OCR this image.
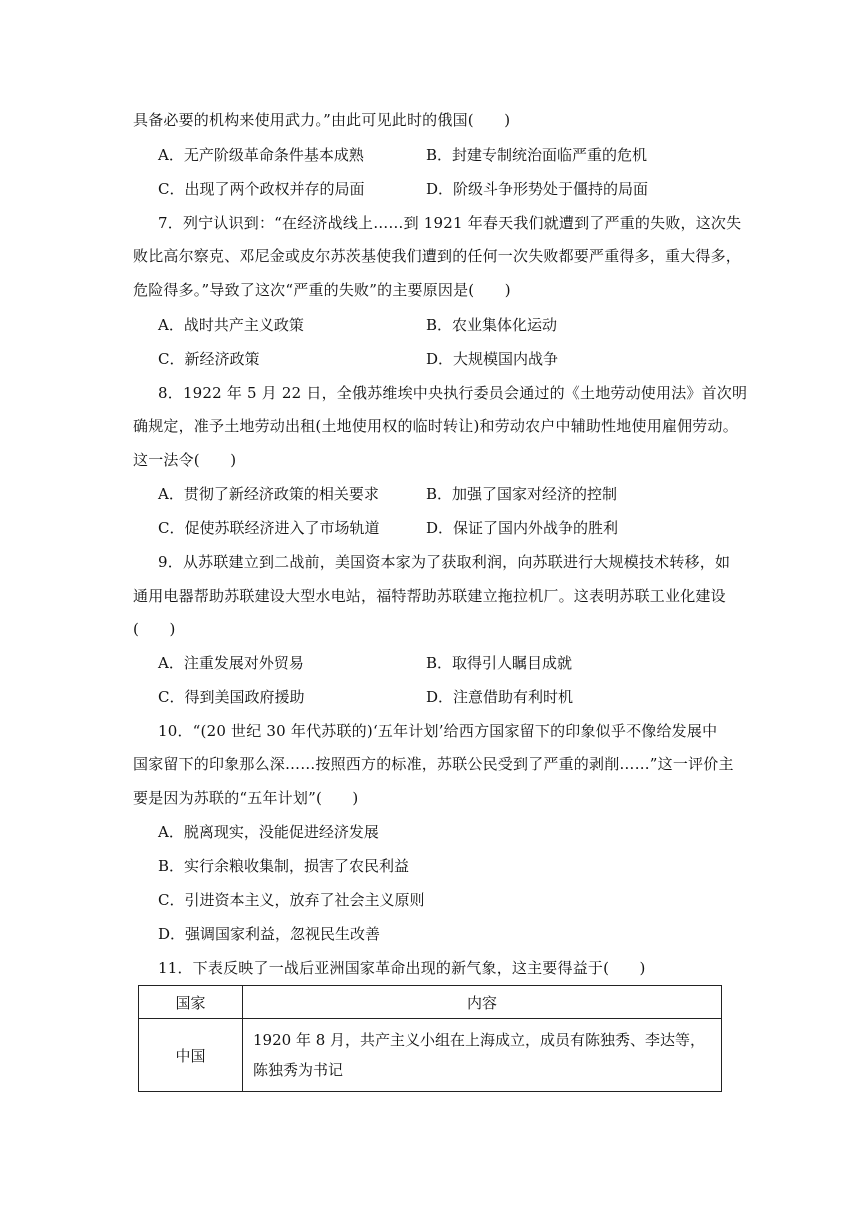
具备必要的机构来使用武力。”由此可见此时的俄国(　　)
A．无产阶级革命条件基本成熟	B．封建专制统治面临严重的危机
C．出现了两个政权并存的局面	D．阶级斗争形势处于僵持的局面
7．列宁认识到：“在经济战线上……到 1921 年春天我们就遭到了严重的失败，这次失
败比高尔察克、邓尼金或皮尔苏茨基使我们遭到的任何一次失败都要严重得多，重大得多，
危险得多。”导致了这次“严重的失败”的主要原因是(　　)
A．战时共产主义政策	B．农业集体化运动
C．新经济政策	D．大规模国内战争
8．1922 年 5 月 22 日，全俄苏维埃中央执行委员会通过的《土地劳动使用法》首次明
确规定，准予土地劳动出租(土地使用权的临时转让)和劳动农户中辅助性地使用雇佣劳动。
这一法令(　　)
A．贯彻了新经济政策的相关要求	B．加强了国家对经济的控制
C．促使苏联经济进入了市场轨道	D．保证了国内外战争的胜利
9．从苏联建立到二战前，美国资本家为了获取利润，向苏联进行大规模技术转移，如
通用电器帮助苏联建设大型水电站，福特帮助苏联建立拖拉机厂。这表明苏联工业化建设
(　　)
A．注重发展对外贸易	B．取得引人瞩目成就
C．得到美国政府援助	D．注意借助有利时机
10．“(20 世纪 30 年代苏联的)‘五年计划’给西方国家留下的印象似乎不像给发展中
国家留下的印象那么深……按照西方的标准，苏联公民受到了严重的剥削……”这一评价主
要是因为苏联的“五年计划”(　　)
A．脱离现实，没能促进经济发展
B．实行余粮收集制，损害了农民利益
C．引进资本主义，放弃了社会主义原则
D．强调国家利益，忽视民生改善
11．下表反映了一战后亚洲国家革命出现的新气象，这主要得益于(　　)
国家	内容
中国	1920 年 8 月，共产主义小组在上海成立，成员有陈独秀、李达等，陈独秀为书记
